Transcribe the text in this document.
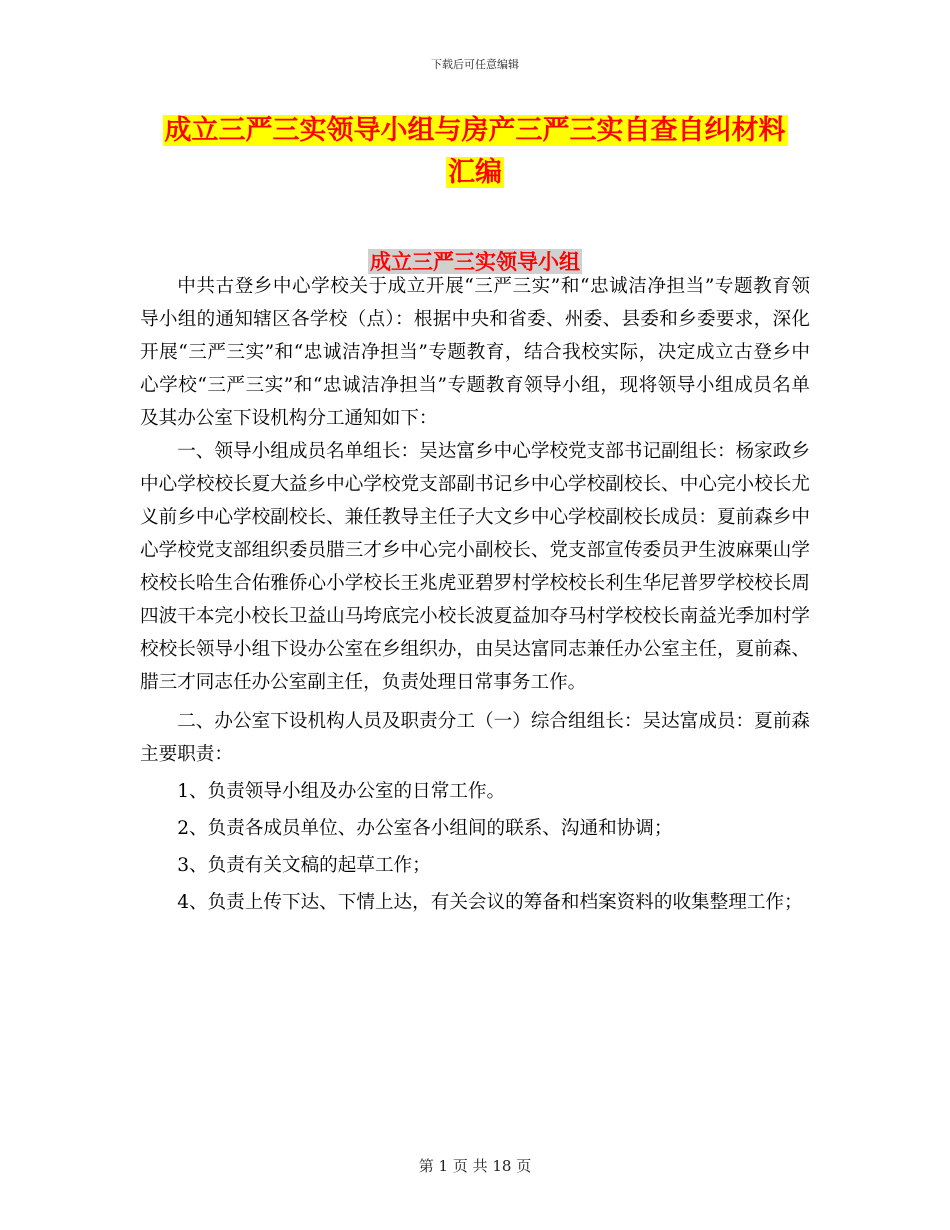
下载后可任意编辑
成立三严三实领导小组与房产三严三实自查自纠材料
汇编
成立三严三实领导小组

中共古登乡中心学校关于成立开展“三严三实”和“忠诚洁净担当”专题教育领导小组的通知辖区各学校（点）：根据中央和省委、州委、县委和乡委要求，深化开展“三严三实”和“忠诚洁净担当”专题教育，结合我校实际，决定成立古登乡中心学校“三严三实”和“忠诚洁净担当”专题教育领导小组，现将领导小组成员名单及其办公室下设机构分工通知如下：

一、领导小组成员名单组长：吴达富乡中心学校党支部书记副组长：杨家政乡中心学校校长夏大益乡中心学校党支部副书记乡中心学校副校长、中心完小校长尤义前乡中心学校副校长、兼任教导主任子大文乡中心学校副校长成员：夏前森乡中心学校党支部组织委员腊三才乡中心完小副校长、党支部宣传委员尹生波麻栗山学校校长哈生合佑雅侨心小学校长王兆虎亚碧罗村学校校长利生华尼普罗学校校长周四波干本完小校长卫益山马垮底完小校长波夏益加夺马村学校校长南益光季加村学校校长领导小组下设办公室在乡组织办，由吴达富同志兼任办公室主任，夏前森、腊三才同志任办公室副主任，负责处理日常事务工作。

二、办公室下设机构人员及职责分工（一）综合组组长：吴达富成员：夏前森主要职责：

1、负责领导小组及办公室的日常工作。

2、负责各成员单位、办公室各小组间的联系、沟通和协调；

3、负责有关文稿的起草工作；

4、负责上传下达、下情上达，有关会议的筹备和档案资料的收集整理工作；

第 1 页 共 18 页
